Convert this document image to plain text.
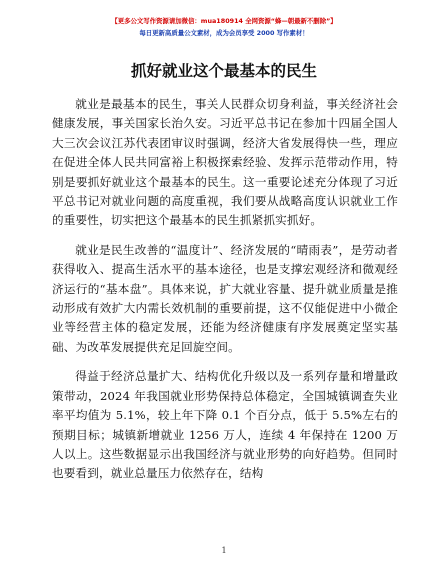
【更多公文写作资源请加微信：mua180914 全网资源“蜂—朝最新不删除”】
每日更新高质量公文素材，成为会员享受 2000 写作素材！
抓好就业这个最基本的民生

就业是最基本的民生，事关人民群众切身利益，事关经济社会健康发展，事关国家长治久安。习近平总书记在参加十四届全国人大三次会议江苏代表团审议时强调，经济大省发展得快一些，理应在促进全体人民共同富裕上积极探索经验、发挥示范带动作用，特别是要抓好就业这个最基本的民生。这一重要论述充分体现了习近平总书记对就业问题的高度重视，我们要从战略高度认识就业工作的重要性，切实把这个最基本的民生抓紧抓实抓好。

就业是民生改善的“温度计”、经济发展的“晴雨表”，是劳动者获得收入、提高生活水平的基本途径，也是支撑宏观经济和微观经济运行的“基本盘”。具体来说，扩大就业容量、提升就业质量是推动形成有效扩大内需长效机制的重要前提，这不仅能促进中小微企业等经营主体的稳定发展，还能为经济健康有序发展奠定坚实基础、为改革发展提供充足回旋空间。

得益于经济总量扩大、结构优化升级以及一系列存量和增量政策带动，2024 年我国就业形势保持总体稳定，全国城镇调查失业率平均值为 5.1%，较上年下降 0.1 个百分点，低于 5.5%左右的预期目标；城镇新增就业 1256 万人，连续 4 年保持在 1200 万人以上。这些数据显示出我国经济与就业形势的向好趋势。但同时也要看到，就业总量压力依然存在，结构

1
